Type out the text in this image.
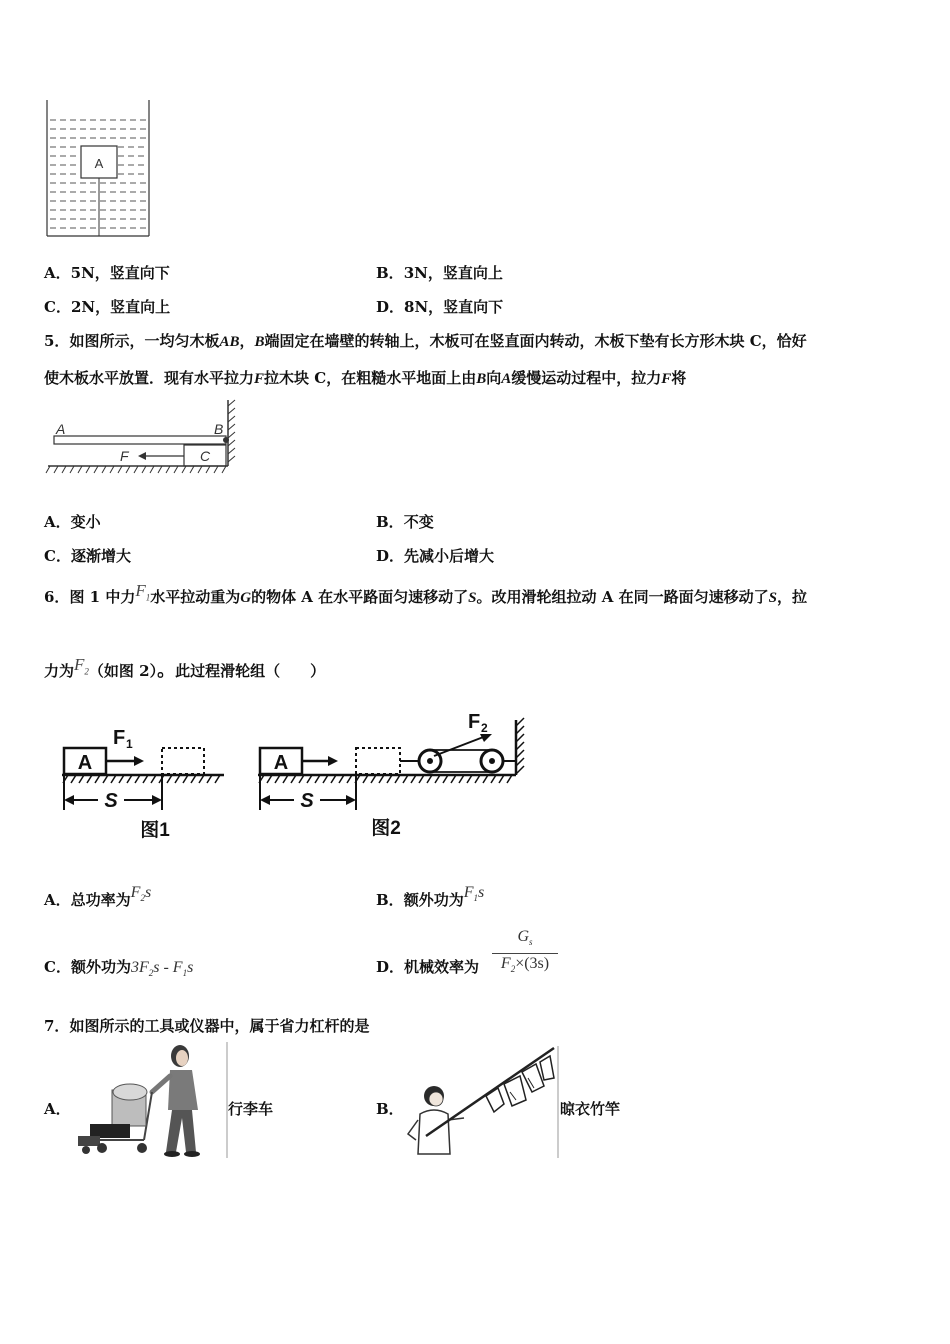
A
A．5N，竖直向下	B．3N，竖直向上
C．2N，竖直向上	D．8N，竖直向下
5．如图所示，一均匀木板AB，B端固定在墙壁的转轴上，木板可在竖直面内转动，木板下垫有长方形木块 C，恰好
使木板水平放置．现有水平拉力F拉木块 C，在粗糙水平地面上由B向A缓慢运动过程中，拉力F将
A	B
C
F
A．变小	B．不变
C．逐渐增大	D．先减小后增大
6．图 1 中力$F_1$水平拉动重为G的物体 A 在水平路面匀速移动了S。改用滑轮组拉动 A 在同一路面匀速移动了S，拉
力为$F_2$（如图 2）。此过程滑轮组（　　）
A
F 1
S
图1
A
F 2
S
图2
A．总功率为$F_2s$	B．额外功为$F_1s$
C．额外功为$3F_2s - F_1s$	D．机械效率为
$G_s$
$F_2\times(3s)$
7．如图所示的工具或仪器中，属于省力杠杆的是
A．	行李车	B．	晾衣竹竿
